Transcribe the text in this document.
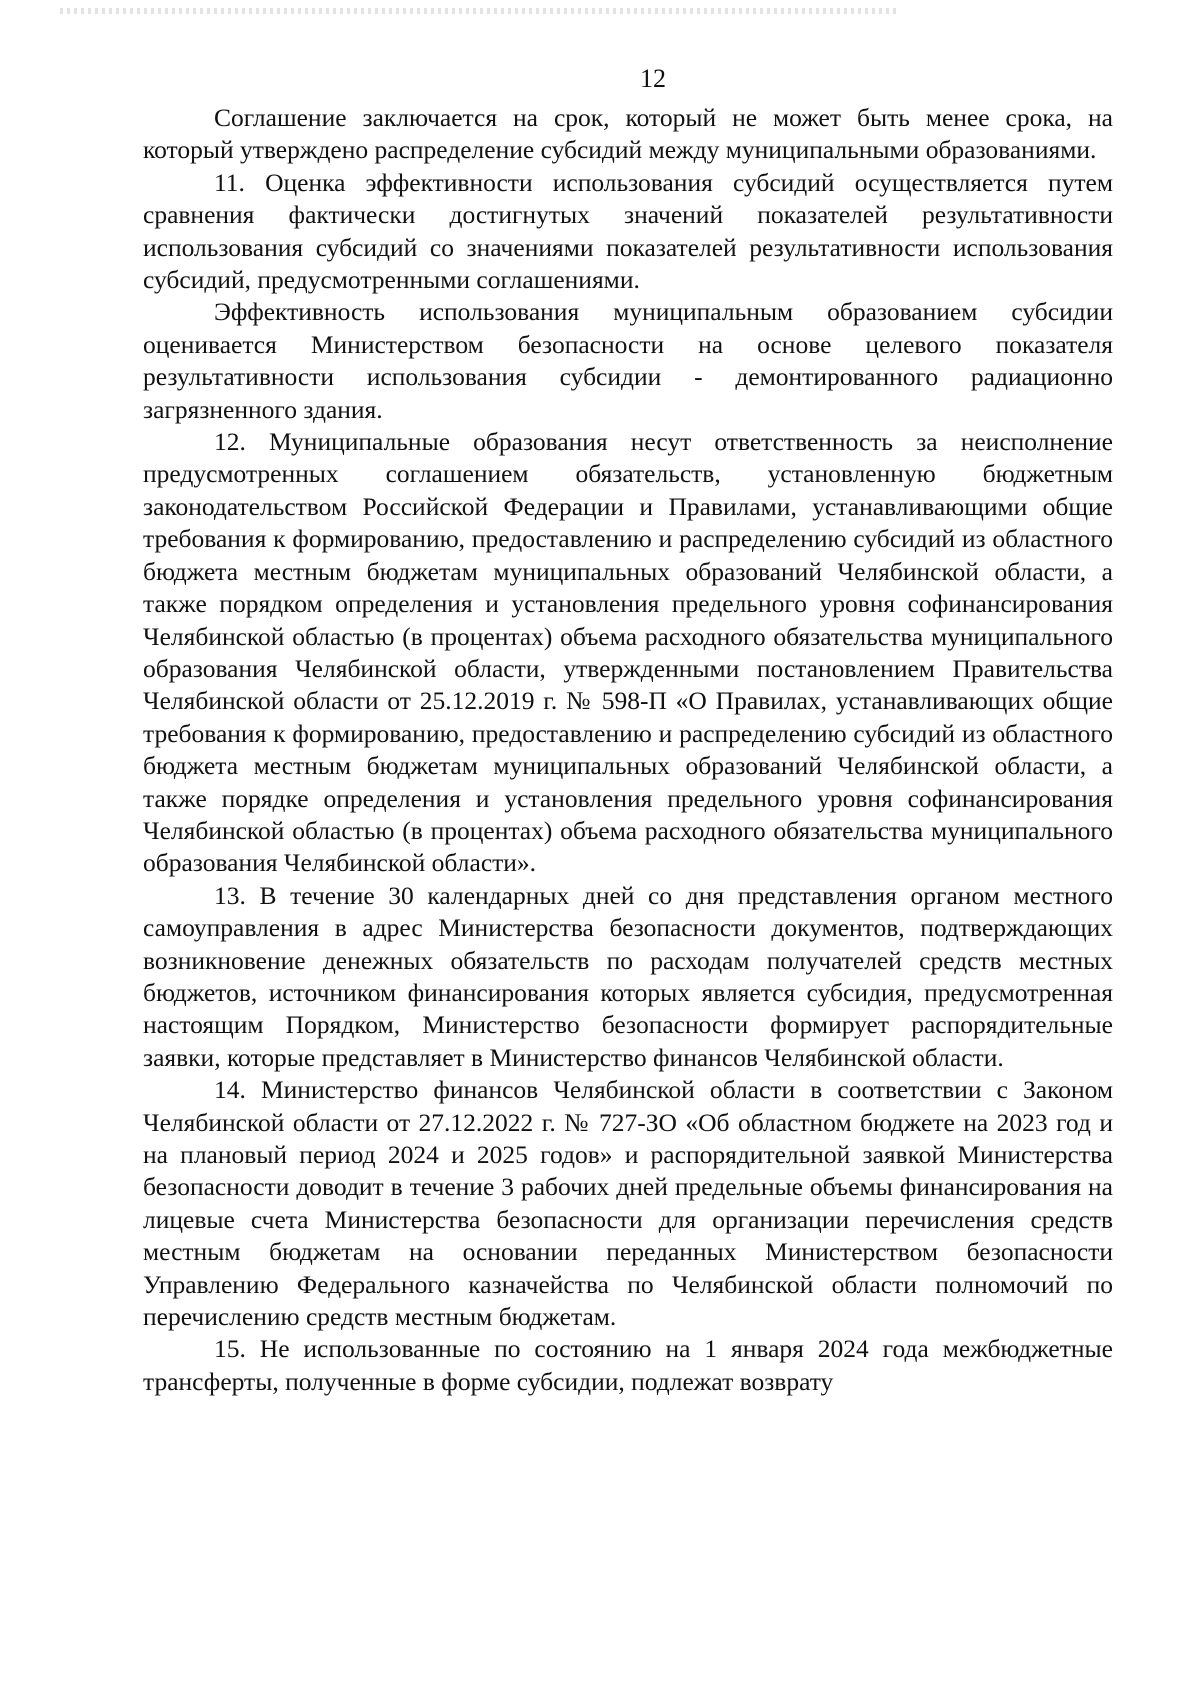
12

Соглашение заключается на срок, который не может быть менее срока, на который утверждено распределение субсидий между муниципальными образованиями.

11. Оценка эффективности использования субсидий осуществляется путем сравнения фактически достигнутых значений показателей результативности использования субсидий со значениями показателей результативности использования субсидий, предусмотренными соглашениями.

Эффективность использования муниципальным образованием субсидии оценивается Министерством безопасности на основе целевого показателя результативности использования субсидии - демонтированного радиационно загрязненного здания.

12. Муниципальные образования несут ответственность за неисполнение предусмотренных соглашением обязательств, установленную бюджетным законодательством Российской Федерации и Правилами, устанавливающими общие требования к формированию, предоставлению и распределению субсидий из областного бюджета местным бюджетам муниципальных образований Челябинской области, а также порядком определения и установления предельного уровня софинансирования Челябинской областью (в процентах) объема расходного обязательства муниципального образования Челябинской области, утвержденными постановлением Правительства Челябинской области от 25.12.2019 г. № 598-П «О Правилах, устанавливающих общие требования к формированию, предоставлению и распределению субсидий из областного бюджета местным бюджетам муниципальных образований Челябинской области, а также порядке определения и установления предельного уровня софинансирования Челябинской областью (в процентах) объема расходного обязательства муниципального образования Челябинской области».

13. В течение 30 календарных дней со дня представления органом местного самоуправления в адрес Министерства безопасности документов, подтверждающих возникновение денежных обязательств по расходам получателей средств местных бюджетов, источником финансирования которых является субсидия, предусмотренная настоящим Порядком, Министерство безопасности формирует распорядительные заявки, которые представляет в Министерство финансов Челябинской области.

14. Министерство финансов Челябинской области в соответствии с Законом Челябинской области от 27.12.2022 г. № 727-ЗО «Об областном бюджете на 2023 год и на плановый период 2024 и 2025 годов» и распорядительной заявкой Министерства безопасности доводит в течение 3 рабочих дней предельные объемы финансирования на лицевые счета Министерства безопасности для организации перечисления средств местным бюджетам на основании переданных Министерством безопасности Управлению Федерального казначейства по Челябинской области полномочий по перечислению средств местным бюджетам.

15. Не использованные по состоянию на 1 января 2024 года межбюджетные трансферты, полученные в форме субсидии, подлежат возврату
